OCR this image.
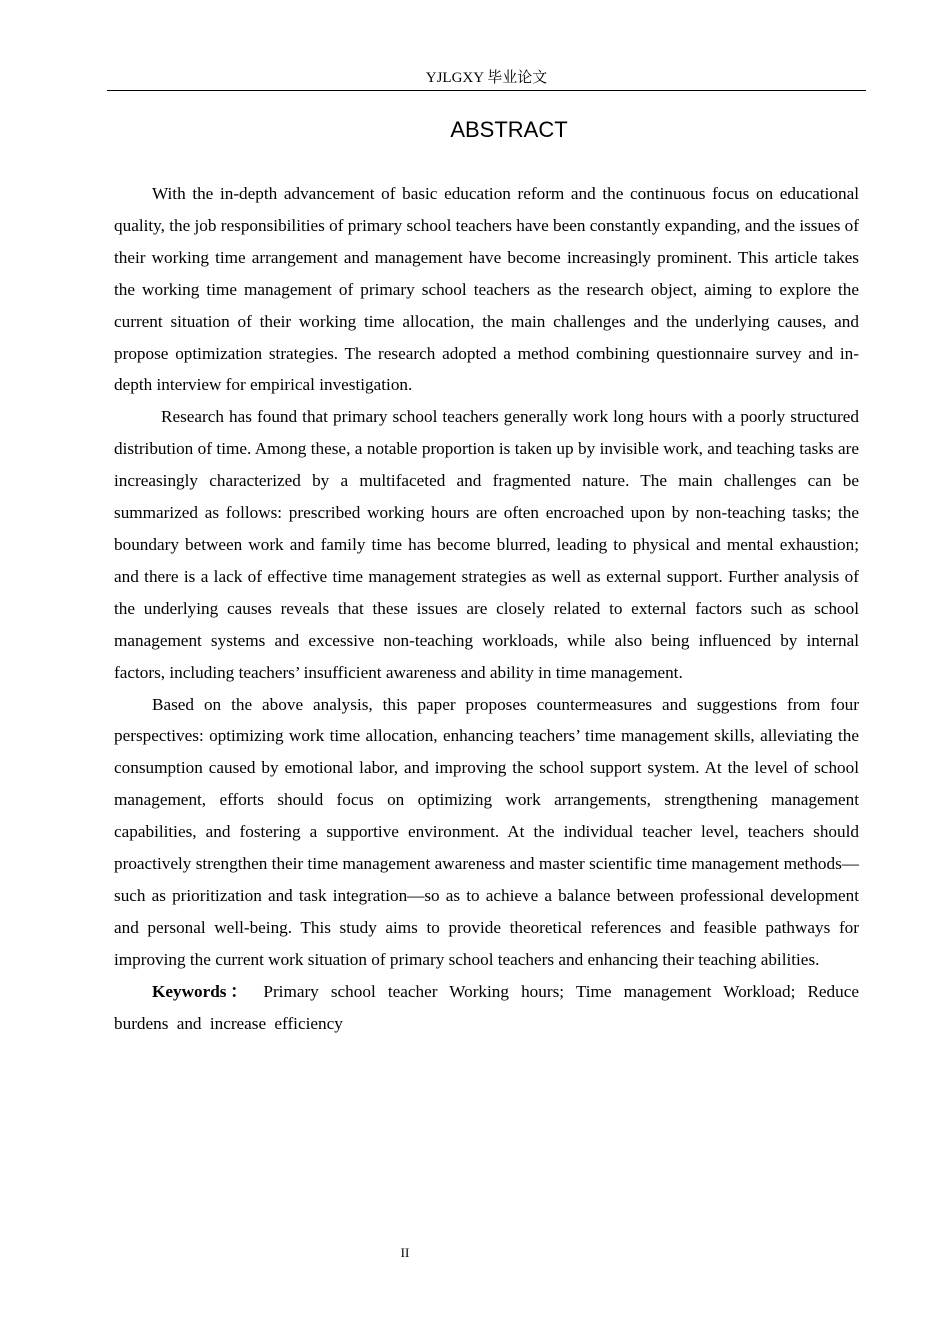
YJLGXY 毕业论文
ABSTRACT

With the in-depth advancement of basic education reform and the continuous focus on educational quality, the job responsibilities of primary school teachers have been constantly expanding, and the issues of their working time arrangement and management have become increasingly prominent. This article takes the working time management of primary school teachers as the research object, aiming to explore the current situation of their working time allocation, the main challenges and the underlying causes, and propose optimization strategies. The research adopted a method combining questionnaire survey and in-depth interview for empirical investigation.

Research has found that primary school teachers generally work long hours with a poorly structured distribution of time. Among these, a notable proportion is taken up by invisible work, and teaching tasks are increasingly characterized by a multifaceted and fragmented nature. The main challenges can be summarized as follows: prescribed working hours are often encroached upon by non-teaching tasks; the boundary between work and family time has become blurred, leading to physical and mental exhaustion; and there is a lack of effective time management strategies as well as external support. Further analysis of the underlying causes reveals that these issues are closely related to external factors such as school management systems and excessive non-teaching workloads, while also being influenced by internal factors, including teachers’ insufficient awareness and ability in time management.

Based on the above analysis, this paper proposes countermeasures and suggestions from four perspectives: optimizing work time allocation, enhancing teachers’ time management skills, alleviating the consumption caused by emotional labor, and improving the school support system. At the level of school management, efforts should focus on optimizing work arrangements, strengthening management capabilities, and fostering a supportive environment. At the individual teacher level, teachers should proactively strengthen their time management awareness and master scientific time management methods—such as prioritization and task integration—so as to achieve a balance between professional development and personal well-being. This study aims to provide theoretical references and feasible pathways for improving the current work situation of primary school teachers and enhancing their teaching abilities.

Keywords： Primary school teacher Working hours; Time management Workload; Reduce burdens and increase efficiency

II
